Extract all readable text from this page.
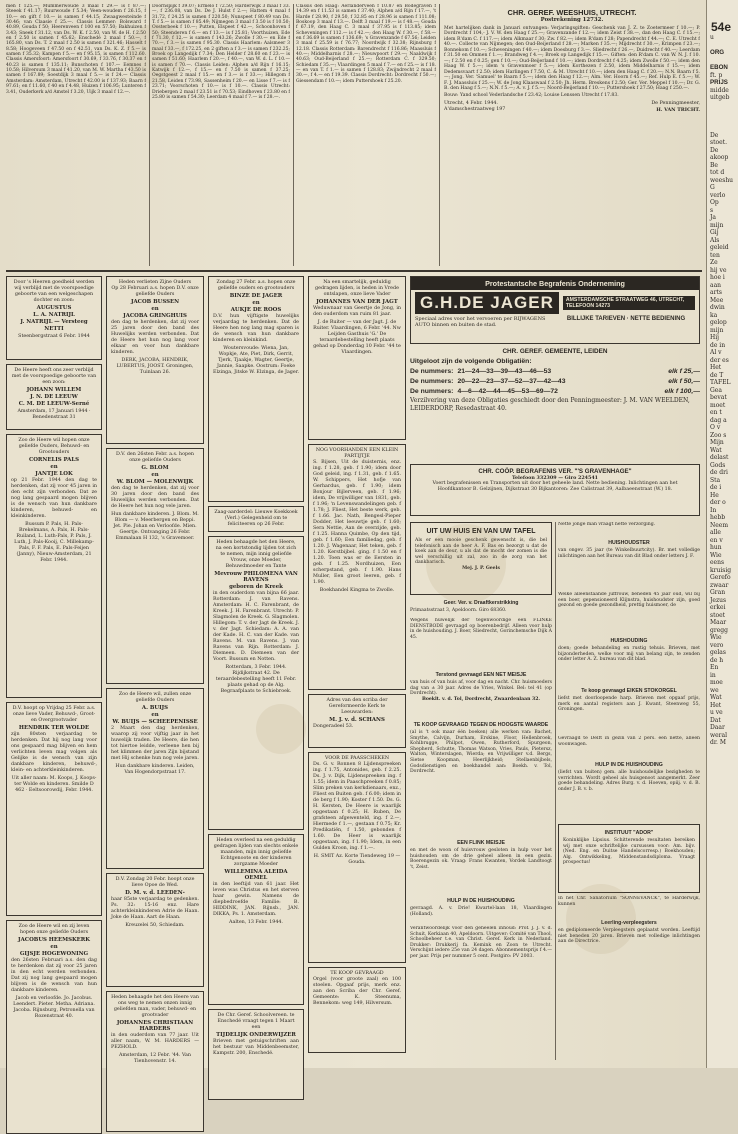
men f 125.—; Mummerwoude 3 maal f 29.— is f 87.—; Steeek f 41.17; Ruurwoude f 5.34; Veen-woudem f 26.15, f 10.— en gift f 10.— is samen f 44.15; Zwaagwesteinde f 30.46; van Claasie f 25.—. Classis Lemmer: Bolsward f 40.89, Gouda f 50; Heerenveen f 100 en 57.50; Bakhuizen f 3.43; Sneek f 31.12, van Ds. W. K. f 2.50, van W. de H. f 2.50 en f 2.50 is samen f 45.62; Enschedé 2 maal f 50.—, f 165.80, van Ds. T. 2 maal f 2.50 is samen f 321.46; Hasselt f 8.58; Hoogeveen f 47.50 en f 42.51, van Ds. K. Z. f 5.— is samen f 35.32; Kampen f 5.— en f 95.15, is samen f 112.60. Classis Amersfoort: Amersfoort f 30.69, f 33.76, f 30.37 en f 40.23 is samen f 135.11; Bunschoten f 107.— Eemnes f 10.58; Hilversum 3 maal f 41.20, van M. W. Martha f 43.50 is samen f 167.89; Soestdijk 3 maal f 5.— is f 24.— Classis Amsterdam: Amsterdam, Utrecht f 42.00 is f 137.93; Baarn f 97.61; en f 11.60, f 40 en f 4.48, Huizen f 106.95; Lunteren f 3.41, Ouderkerk a/d Amstel f 3.20, Uijk 3 maal f 12.—.

Doornspijk f 39.07; Ermelo f 72.50; Harderwijk 3 maal f 33.—, f 236.08, van Ds. De J. Hulst f 2.—; Hattem 4 maal f 31.72, f 24.25 is samen f 220.50; Nunspeet f 80.49 van Ds. T. f 5.— is samen f 85.49; Nijmegen 3 maal f 3.50 is f 10.50; Oosterbeek f 10.—; Putten, Elspeet f 42.—, Schoonhoven f 50; Steenderen f 6.— en f 13.— is f 25.81; Voorthuizen, Ede f 71.30, f 12.— is samen f 143.26; Zwolle f 30.— en Ede f 70.—, f 3.— is samen f 95.30. Classis Haarlem: Aalsmeer 3 maal f 33.—, f 172.25, en 2 giften a f 3.— is samen f 232.25; Broek op Langedijk f 7.34; Den Helder f 28.60 en f 23.— is samen f 51.60; Haarlem f 20.—, f 40.—, van W. d. L. f 10.— is samen f 70.—. Classis Leiden: Alphen a/d Rijn f 16.15; Katwijk f 12.—, f 15.— en f 7.50 is samen f 37.25; Oegstgeest 2 maal f 15.— en f 3.— is f 33.—; Hillegom f 21.58, Leiden f 73.98, Sassenheim f 20.— en Lisse f 7.— is f 23.71; Voorschoten f 10.— is f 10.—. Classis Utrecht: Driebergen 2 maal f 23.51 is f 70.53; Eindhoven f 23.80 en f 25.80 is samen f 54.30; Leerdam 4 maal f 7.— is f 28.—.

Classis den Haag: Aerlanderveen f 10.87 en Bodegraven f 14.39 en f 11.53 is samen f 37.40; Alphen a/d Rijn f 17.—, 't Harde f 28.90, f 29.50, f 32.85 en f 28.96 is samen f 111.08; Boskoop 3 maal f 13.—. Delft 3 maal f 19.— is f 48.—; Gouda f 67.19, den Haag C. 3 maal f 37.95 is f 113.85; idem Scheveningen f 112.— is f 42.—; den Haag W. f 30.—, f 58.— en f 36.69 is samen f 136.69; 's Gravenzande f 67.56; Leiden 3 maal f 25.59 is f 76.77; Noordwijk f 32.38; Rijnsburg f 12.18. Classis Rotterdam: Barendrecht f 116.86; Maassluis f 40.—; Middelharnis f 28.—; Nieuwpoort f 29.—; Naaldwijk f 40.63; Oud-Beijerland f 25.—; Rotterdam C. f 329.50; Schiedam f 35.—; Vlaardingen 5 maal f 7.— en f 25.— is f 18.— en van T. f 1.— is samen f 128.83; Zwijndrecht 2 maal f 30.—, f 4.— en f 19.39. Classis Dordrecht: Dordrecht f 50.—; Giessendam f 10.—; idem Puttershoek f 25.20.

CHR. GEREF. WEESHUIS, UTRECHT.
Postrekening 12732.

Met hartelijken dank in Januari ontvangen: Verjaringsgiften: Geschenk van J. Z. te Zoetermeer f 10.—; P. Dordrecht f 104,- J. V. W. den Haag f 25.—; Gravenzande f 12.—; idem Zeist f 38.—, dan den Haag C. f 15.—; idem R'dam C. f 117.—; idem Alkmaar f 30; Zw. f 82.—; idem R'dam f 28; Papendrecht f 44.—; C. E. Utrecht f 40.—. Collecte van Nijmegen; den Oud-Beijerland f 28.—; Marken f 35.—; Mijdrecht f 30.—, Krimpen f 23.—; Bonnekom f 10.—; Scheveningen f 40.—; idem Doesburg f 3.—. Sliedrecht f 26.—, Duidrecht f 40.—; Leerdam f 31.50 en Ommen f 1.—; Brandweg f 4.—; Broek op Langedijk f 15.—. Giften: den R'dam C. van W. N. J. f 10.—; f 2.50 en f 0.25; gen f 10.—; Oud-Beijerland f 10.—; idem Dordrecht f 4.25; idem Zwolle f 50.—; idem den Haag W. f 5.—; idem 's Gravenmoer f 5.—; idem Korthezen f 2.50, idem Middelharnis f 15.—; idem Dedemsvaart f 2.50; idem Harlingen f 7.50, C. & M. Utrecht f 10.—; idem den Haag C. f 20.—; N.N. Baarn f 5.—; Jong. Ver. 'Samuel' te Baarn f 5.—; idem den Haag f 12.—; Alm. Ver. Hoorn f 45.—; Ref. Hulp E. f 5.—; W. F. J. Maassluis f 25.—; W. de Jong Klaaswaal f 2.50; Jh. Herm. Breskens f 2.50; Ger. Ver. Meppel f 10.—; Dr. G. B. den Haag f 5.—; N.N. f 5.—; A. v. J. f 5.—; Noord-Beijerland f 10.—; Puttershoek f 27.50; Haag f 250.—.

Bouw: Yand school Vederlandsche f 23.42; Louise Lenssen Utrecht f 17.83.

Utrecht, 4 Febr. 1944.
A'damschestraatweg 197
De Penningmeester,
H. VAN TRICHT.

Door 's Heeren goedheid werden wij verblijd met de voorspoedige geboorte van een welgeschapen dochter en zoon:

AUGUSTUS

L. A. NATRIJL

J. NATRIJL — Versteeg

NETTI

Steenbergstraat 6 Febr. 1944

De Heere heeft ons zeer verblijd met de voorspoedige geboorte van een zoon:

JOHANN WILLEM

J. N. DE LEEUW

C. M. DE LEEUW-Serné

Amsterdam, 17 Januari 1944 · Benedenstraat 31

Zoo de Heere wil hopen onze geliefde Ouders, Behuwd- en Grootouders

CORNELIS PALS

en

JANTJE LOK

op 21 Febr. 1944 den dag te herdenken, dat zij voor 45 jaren in den echt zijn verbonden. Dat ze nog lang gespaard mogen blijven is de wensch van hun dankbare kinderen, behuwd- en kleinkinderen.

Bussum P. Pals, H. Pals-Brekelmans, A. Pals, H. Pals-Ruiland, L. Luth-Pals, P. Pals, J. Luth, J. Pals-Kooij, C. Millekamp-Pals, F. F. Pals, E. Pals-Feijen (Janny), Nieuw-Amsterdam, 21 Febr. 1944.

D.V. hoopt op Vrijdag 25 Febr. a.s. onze lieve Vader, Behuwd-, Groot- en Overgrootvader

HENDRIK TER WOLDE

zijn 80sten verjaardag te herdenken. Dat hij nog lang voor ons gespaard mag blijven en hem verlichten leven mag volgen als Gelijke is de wensch van zijn dankbare kinderen, behuwd-, klein- en achterkleinkinderen.

Uit aller naam: M. Koops, J. Koops-ter Wolde en kinderen. Smilde D 462 · Eeltsoorowdij, Febr. 1944.

Zoo de Heere wil en zij leven hopen onze geliefde Ouders

JACOBUS HEEMSKERK

en

GIJSJE HOGEWONING

den 26sten Februari a.s. den dag te herdenken dat zij voor 25 jaren in den echt werden verbonden. Dat zij nog lang gespaard mogen blijven is de wensch van hun dankbare kinderen.

Jacob en verloofde. Jo. Jacobus. Leendert. Pieter. Metha. Adriana. Jacoba. Rijnsburg, Petronella van Rozenstraat 40.

Heden verlieten Zijne Ouders

Op 28 Februari a.s. hopen D.V. onze geliefde Ouders

JACOB BUSSEN

en

JACOBA GRINGHUIS

den dag te herdenken, dat zij voor 25 jaren door den band des Huwelijks werden verbonden. Dat de Heere het hun nog lang voor elkaar en voor hun dankbare kinderen.

DERK, JACOBA, HENDRIK, LUBERTUS, JOOST. Groningen, Tuinlaan 26.

D.V. den 26sten Febr. a.s. hopen onze geliefde Ouders

G. BLOM

en

W. BLOM — MOLENWIJK

den dag te herdenken, dat zij voor 30 jaren door den band des Huwelijks werden verbonden. Dat de Heere het hun nog vele jaren.

Hun dankbare kinderen. J. Blom. M. Blom — v. Meerbergen en Beppi. Jet. Pie. Johan en Verloofde. Mien. Geertje. Ontvanging 26 Febr. Emmalaan H 132, 's Gravemoer.

Zoo de Heere wil, zullen onze geliefde Ouders

A. BUIJS

en

W. BUIJS — SCHEEPENISSE

2 Maart den dag herdenken, waarop zij voor vijftig jaar in het huwelijk traden. De Heere, die hen tot hiertoe leidde, verleene hen bij het klimmen der jaren Zijn bijstand met Hij schenke hun nog vele jaren.

Hun dankbare kinderen. Leiden, Van Hogendorpstraat 17.

D.V. Zondag 20 Febr. hoopt onze lieve Opoe de Wed.

D. M. v. d. LEEDEN-

haar 85ste verjaardag te gedenken. Ps. 32: 15-16 enz. Hare achterkleinkinderen Adrie de Haan. Joke de Haan. Aart de Haan.

Kreuzelei 50, Schiedam.

Heden behaagde het den Heere van ons weg te nemen onzen innig geliefden man, vader, behuwd- en grootvader

JOHANNES CHRISTIAAN HARDERS

in den ouderdom van 77 jaar. Uit aller naam, W. M. HARDERS — PEZHOLD.

Amsterdam, 12 Febr. '44. Van Tienhovenstr. 14.

Zondag 27 Febr. a.s. hopen onze geliefde ouders en grootouders

BINZE DE JAGER

en

AUKJE DE ROOS

D.V. hun vijftigste huwelijks verjaardag te herdenken. Dat de Heere hen nog lang mag sparen is de wensch van hun dankbare kinderen en kleinkind.

Woutersvoude: Wiena, Jan, Wopkje, Ate, Piet, Dirk, Gerrit, Tjerk, Tjaakje, Wagter, Geertje, Jannie, Saapke. Oostrum: Foeke Elzinga, Jitske W. Elzinga, de Jager.

Zaag-aarderdel: Lieuwe Koekkoek (Verl.) Gelegenheid om te feliciteeren op 26 Febr.

Heden behaagde het den Heere, na een kortstondig lijden tot zich te nemen, mijn innig geliefde Vrouw, onze Moeder, Behuwdmoeder en Tante

Mevrouw PHILOMENA VAN RAVENS

geboren de Kreek

in den ouderdom van bijna 66 jaar. Rotterdam: J. van Ravens. Amsterdam: H. C. Farenbrant, de Kreek. J. H. Farenbrant. Utrecht: P. Slagmolen de Kreek. G. Slagmolen. Hillegom: T. v. der Jagt de Kreek. J. v. der Jagt. Schiedam: A. A. van der Kade. H. C. van der Kade. van Ravens. M. van Ravens. J. van Ravens van Rijn. Rotterdam: J. Diemeen. D. Diemeen van der Voort. Bussum en Notten.

Rotterdam, 3 Febr. 1944. Rijdijkstraat 42. De teraardebestelling heeft 11 Febr. plaats gehad op de Alg. Begraafplaats te Schiebroek.

Heden overleed na een geduldig gedragen lijden van slechts enkele maanden, mijn innig geliefde Echtgenoote en der kinderen zorgzame Moeder

WILLEMINA ALEIDA OEMEL

in den leeftijd van 61 jaar. Het leven was Christus en het sterven haar gewin. Namens de diepbedroefde Familie: B. HIDDINK, JAN. Rijnsb., JAN. DIKKA, Ps. 1. Amsterdam.

Aalten, 13 Febr. 1944.

De Chr. Geref. Schoolvereen. te Enschedé vraagt tegen 1 Maart een

TIJDELIJK ONDERWIJZER

Brieven met getuigschriften aan het bestuur van Middenbeemster, Kampstr. 200, Enschedé.

Na een smartelijk, geduldig gedragen lijden, is heden in Vrede ontslapen, onze lieve Vader

JOHANNES VAN DER JAGT

Weduwnaar van Geertje de Jong, in den ouderdom van ruim 81 jaar.

J. de Ruiter — van der Jagt. J. de Ruiter. Vlaardingen, 6 Febr. '44. Nw Leijden Gasthuis 'G.' De teraardebestelling heeft plaats gehad op Donderdag 10 Febr. '44 te Vlaardingen.

NOG VOORHANDEN EEN KLEIN PARTIJTJE

S. Bijsen, Uit de duisternis, enz. ing. f 1.28, geb. f 1.90; idem door God geleid, ing. f 1.31, geb. f 1.65. W. Schippers, Het hofje van Gerhardus, geb. f 1.90; idem Bonjour Bijlerveen, geb. f 1.96; idem, De vrijwilliger van 1831, geb. f 1.96; 'n Levenswandelingen geb. f 1.78; J. Fliest, Het beste werk, geb. f 1.66. Jac. Nath, Bengesl-Pieper Dodder, Het leeuwtje geb. f 1.60; Sera Nettie, Aan de overzijde, geb. f 1.25. Hanna Quimbe, Op den tijd, geb. f 1.60; Een familiedag, geb. f 1.20. J. Wagenaar, Het teken, geb. f 1.20. Kerstbijbel. ging. f 1.50 en f 1.20. Toen was er de Eersten in geb. f 1.25. Nordhuizen, Een scherpstand, geb. f 1.90. Hans Muller, Een groot leeren, geb. f 1.90.

Boekhandel Kingma te Zwolle.

Adres van den scriba der Gereformeerde Kerk te Leeuwarden:

M. J. v. d. SCHANS

Dongeradeel 53.

VOOR DE PAASSCHEKEN

Ds. G. v. Ronnen 8 Lijdenspreeken ing. f 1.75, Antonides, geb. f 2.25. Ds. J. v. Dijk, Lijdenspreeken ing. f 1.55; idem in Paaschpreeken f 0.85; Slim preken van kerkdienaars, enz., Fliest en Buiten geb. f 6.00; idem in de berg f 1.90; Koster f 1.50. Ds. G. H. Kersten, De Heere is waarlijk opgestaan f 0.25; H. Ruben, De grafsteen afgewenteld, ing. f 2.—, Hiermede f 1.—, gestaan f 0.75; Kr. Predikatiën, f 1.50, gebonden f 1.60. De Heer is waarlijk opgestaan, ing. f 1.90; Idem, in een Gulden Kroon, ing. f 1.—.

H. SMIT Az. Korte Tiendeweg 19 — Gouda.

TE KOOP GEVRAAGD

Orgel (voor groote zaal) en 100 stoelen. Opgaaf prijs, merk enz. aan den Scriba der Chr. Geref. Gemeente: K. Steenuma, Bennekom: weg 149, Hilversum.

Protestantsche Begrafenis Onderneming
G.H.DE JAGER	AMSTERDAMSCHE STRAATWEG 46, UTRECHT, TELEFOON 14273
Speciaal adres voor het vervoeren per RIJWAGENS AUTO binnen en buiten de stad.
BILLIJKE TARIEVEN · NETTE BEDIENING
CHR. GEREF. GEMEENTE, LEIDEN
Uitgeloot zijn de volgende Obligatiën:
De nummers: 21—24—33—39—43—46—53	elk f 25,—
De nummers: 20—22—23—37—52—37—42—43	elk f 50,—
De nummers: 4—6—42—44—45—53—69—72	elk f 100,—
Verzilvering van deze Obligaties geschiedt door den Penningmeester: J. M. VAN WEELDEN, LEIDERDORP, Resedastraat 40.
CHR. COÖP. BEGRAFENIS VER. "'S GRAVENHAGE"
Telefoon 332309 — Giro 224541
Voert begrafenissen en Transporten uit door het geheele land. Nette bediening. Inlichtingen aan het Hoofdkantoor B. Gelzijnen, Dijkstraat 30 Bijkantoren: Zee Calistraat 39, Aalbaeenstraat (W.) 18.
UIT UW HUIS EN VAN UW TAFEL

Als er een mooie geschenk gewenscht is, die bel telefonisch aan de heer A. F. Bas en bezorgt u dat de koek aan de deur, u als dat de mocht der zomen is die wel verschillig uit zal, zoo in de zorg van het dankbarisch.

Mej. J. P. Geels

Geer. Ver. v. Draaftkerstrikking

Primaatsstraat 3, Apeldoorn. Giro 68360.

Wegens huwelijk der tegenwoordige een FLINKE DIENSTBODE gevraagd op boerenbedrijf. Alleen voor hulp in de huishouding. J. Boer, Sliedrecht, Gorinchemsche Dijk A 45.

Terstond gevraagd EEN NET MEISJE

van huis of van huis af, voor dag en nacht. Chr. huismoeders dag van ± 30 jaar. Adres de Vries, Winkel. Bel: tel 41 (op Dordrecht).

Boeklt. v. d. Tol, Dordrecht, Zwaardenlaan 32.

TE KOOP GEVRAAGD TEGEN DE HOOGSTE WAARDE

(al is 't ook maar één boeken) alle werken van: Bachet, Smythe, Calvijn, Durham, Erskine, Floor, Hellenbroek, Kohlbrugge, Philpot, Owen, Rutherford, Spurgeon, Shepherd, Schutte, Thomas Watson, Vries, Pauls, Pietersz, Walton, Winterslagen, Wierda; en Vrijwilliger v.d. Bergs, Sietse Koopman, Heerlijkheid; Stellaenbijbels, Godsdienstigen en boekhandel aan: Boekh. v. Tol, Dordrecht.

EEN FLINK MEISJE

en met de woon of huisvrouw gesloten in hulp voor het huishouden om de drie geheel alleen in een gezin. Boerengezin ok. Vraag: Frans Kwanten, Vordek Landtoogt 't, Zeist.

HULP IN DE HUISHOUDING

gevraagd. A. v. Drie! Kwartel-laan 18, Vlaardingen (Holland).

Verantwoordelijk voor den geheelen inhoud: Prof. J. J. v. d. Schuit, Kerkiaan 40, Apeldoorn. Uitgever: Comité van Thool, Schoolbeheer t.e. van Christ. Geref. Kerk in Nederland. Drukker: Drukkerij fa. Kemink en Zoon te Utrecht. Verschijnt iedere 25e van 24 dagen. Abonnementsprijs f 4.— per jaar. Prijs per nummer 5 cent. Postgiro: PV 2003.

Nette jonge man vraagt nette verzorging.

HUISHOUDSTER

van ongev. 35 jaar (te Winkelbuurtcity). Br. met volledige inlichtingen aan het Bureau van dit Blad onder letters J. F.

Welke alleenstaande juffrouw, beneden 45 jaar oud, wil bij een boer, gepensioneerd Klijnstra, huishoudster zijn, goed gezond en goede gezondheid, prettig huismoer, de

HUISHOUDING

doen; goede behandeling en rustig tehuis. Brieven, met bijzonderheden, welke voor mij van belang zijn, te zenden onder letter A. Z. bureau van dit blad.

Te koop gevraagd EIKEN STOKORGEL

liefst met doorloopende harp. Brieven met opgaaf prijs, merk en aantal registers aan J. Kwant, Steenweg 55, Groningen.

Gevraagd te Delft in gezin van 2 pers. een nette, alleen woonwagen.

HULP IN DE HUISHOUDING

(liefst van buiten) gem. alle huishoudelijke bezigheden te verrichten. Wordt geheel als huisgenoot aangemerkt. Zeer goede behandeling. Adres Burg. v. d. Hoeven, opiij. v. d. B. onder J. B. v. b.

INSTITUUT "ADOR"

Koninklijke Lipsius. Schitterende resultaten bereiken wij met onze schriftelijke cursussen voor: Am. bijv. (Ned. Eng. en Duitse Handelscorresp.) Boekhouden; Alg. Ontwikkeling, Middenstandsdiploma. Vraagt prospectus!

In het Chr. Sanatorium "SONNEVANCK", te Harderwijk, kunnen

Leerling-verpleegsters

en gediplomeerde Verpleegsters geplaatst worden. Leeftijd niet beneden 20 jaren. Brieven met volledige inlichtingen aan de Directrice.

54e
u

ORG

EBON
ft. p
PRIJS
midde
uitgeb

De
stoet.
De
akoop
Be
tot d
weeshu
G
verlo
Op
s
Ja
mijn
Gij
Als
geleid
ten
Ze
hij ve
hoe i
aan
arts
Mee
dwin
ka
gelop
mijn
Hij
de in
Al v
der es
Het
de T
TAFEL
Gea
bevat
moet
en t
dag a
O v
Zoo s
Mijn
Wat
delast
Gods
de dri
Sta
de i
He
der o
In
hebb
Neem
alle
en v
hun
Wie
eens
kruisig
Gerefo
zwaar
Gran
Jezus
erkei
stoet
Maar
gregg
Wie
vero
gelas
de h
En
in
moe
we
Wat
Het
u ve
Dat
Daar
weral
dr. M
